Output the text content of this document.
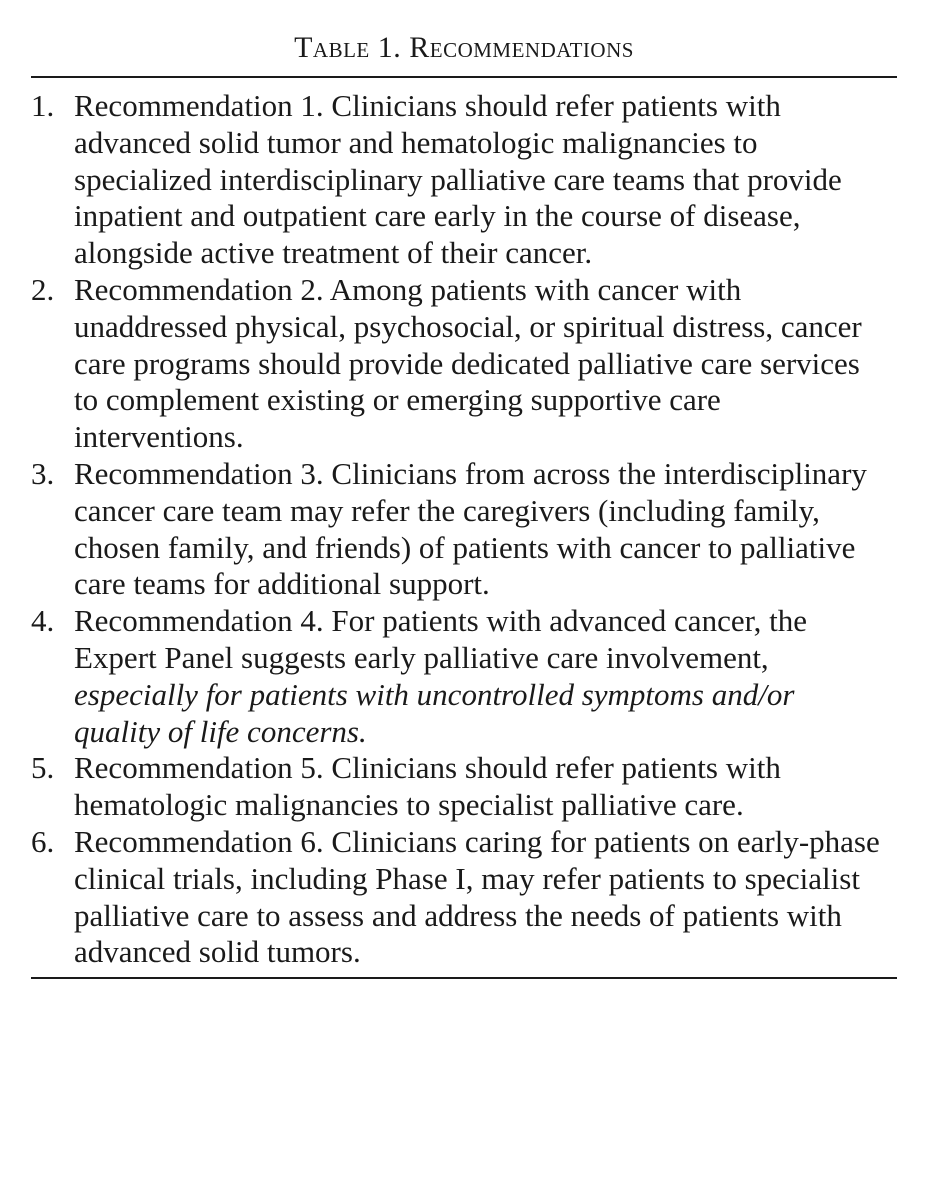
Table 1. Recommendations
1. Recommendation 1. Clinicians should refer patients with advanced solid tumor and hematologic malignancies to specialized interdisciplinary palliative care teams that provide inpatient and outpatient care early in the course of disease, alongside active treatment of their cancer.
2. Recommendation 2. Among patients with cancer with unaddressed physical, psychosocial, or spiritual distress, cancer care programs should provide dedicated palliative care services to complement existing or emerging supportive care interventions.
3. Recommendation 3. Clinicians from across the interdisciplinary cancer care team may refer the caregivers (including family, chosen family, and friends) of patients with cancer to palliative care teams for additional support.
4. Recommendation 4. For patients with advanced cancer, the Expert Panel suggests early palliative care involvement, especially for patients with uncontrolled symptoms and/or quality of life concerns.
5. Recommendation 5. Clinicians should refer patients with hematologic malignancies to specialist palliative care.
6. Recommendation 6. Clinicians caring for patients on early-phase clinical trials, including Phase I, may refer patients to specialist palliative care to assess and address the needs of patients with advanced solid tumors.
